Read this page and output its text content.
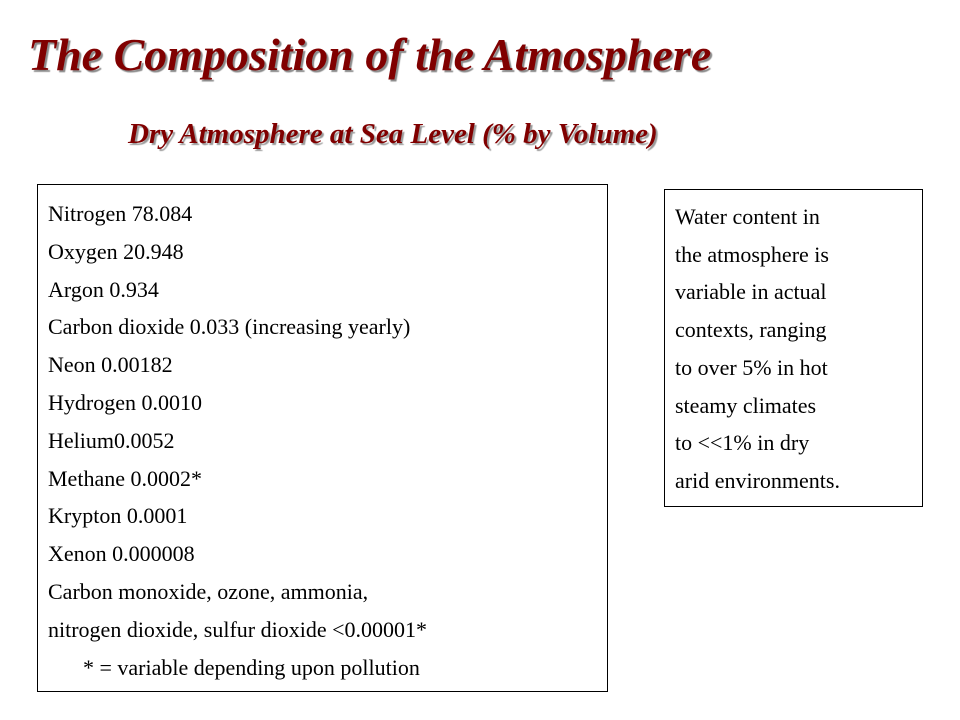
The Composition of the Atmosphere
Dry Atmosphere at Sea Level (% by Volume)
Nitrogen 78.084
Oxygen 20.948
Argon 0.934
Carbon dioxide 0.033 (increasing yearly)
Neon 0.00182
Hydrogen 0.0010
Helium0.0052
Methane 0.0002*
Krypton 0.0001
Xenon 0.000008
Carbon monoxide, ozone, ammonia,
nitrogen dioxide, sulfur dioxide <0.00001*
* = variable depending upon pollution
Water content in
the atmosphere is
variable in actual
contexts, ranging
to over 5% in hot
steamy climates
to <<1% in dry
arid environments.
